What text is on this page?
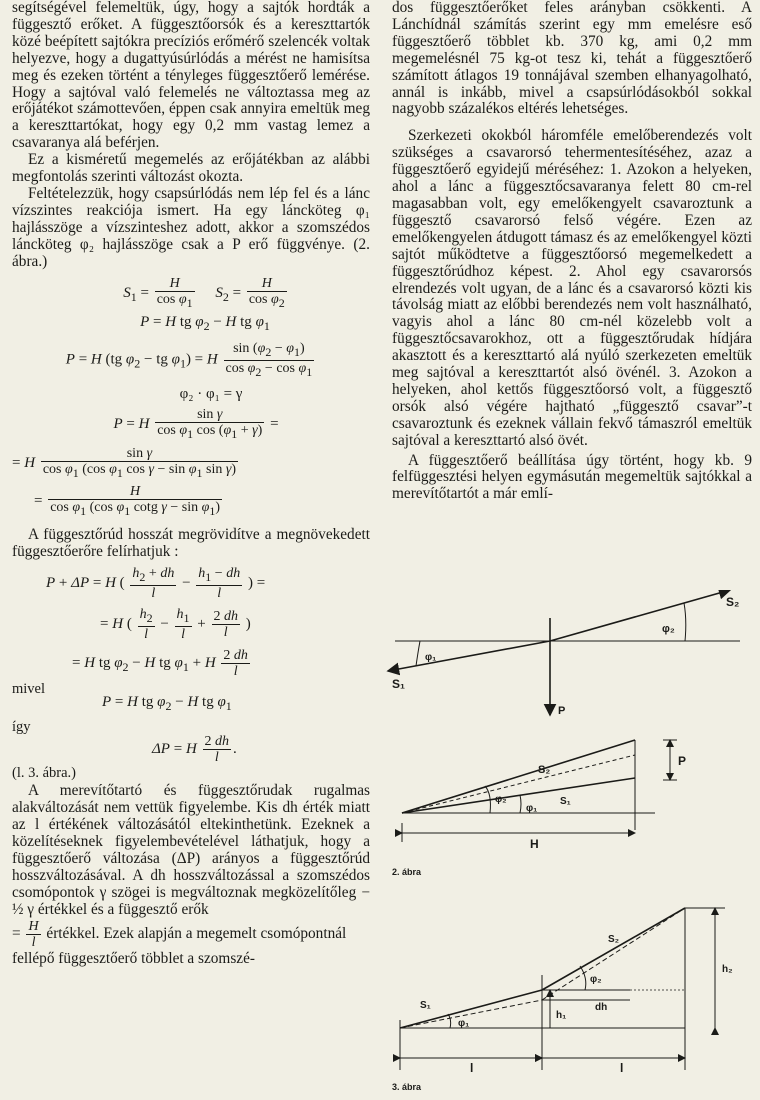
segítségével felemeltük, úgy, hogy a sajtók hordták a függesztő erőket. A függesztőorsók és a kereszttartók közé beépített sajtókra precíziós erőmérő szelencék voltak helyezve, hogy a dugattyúsúrlódás a mérést ne hamisítsa meg és ezeken történt a tényleges függesztőerő lemérése. Hogy a sajtóval való felemelés ne változtassa meg az erőjátékot számottevően, éppen csak annyira emeltük meg a kereszttartókat, hogy egy 0,2 mm vastag lemez a csavaranya alá beférjen.

Ez a kisméretű megemelés az erőjátékban az alábbi megfontolás szerinti változást okozta.

Feltételezzük, hogy csapsúrlódás nem lép fel és a lánc vízszintes reakciója ismert. Ha egy láncköteg φ₁ hajlásszöge a vízszinteshez adott, akkor a szomszédos láncköteg φ₂ hajlásszöge csak a P erő függvénye. (2. ábra.)

$S_1 = \frac{H}{\cos \varphi_1} S_2 = \frac{H}{\cos \varphi_2}$
P = H tg $\varphi_2 - H$ tg $\varphi_1$
P = H (tg $\varphi_2$ − tg $\varphi_1) = H \frac{\sin (\varphi_2 - \varphi_1)}{\cos \varphi_2 - \cos \varphi_1}$
φ₂ · φ₁ = γ
P = H $\frac{\text{sin γ}}{\cos \varphi_1 \cos (\varphi_1 + \gamma)}$ =
= H $\frac{\text{sin γ}}{\cos \varphi_1 (\cos \varphi_1 \cos \gamma - \sin \varphi_1 \sin \gamma)}$
= $\frac{H}{\cos \varphi_1 (\cos \varphi_1 \cot g \gamma - \sin \varphi_1)}$

A függesztőrúd hosszát megrövidítve a megnövekedett függesztőerőre felírhatjuk :

P + ΔP = H ( $\frac{h_2 + dh}{l} - \frac{h_1 - dh}{l}$ ) =
= H ( $\frac{h_2}{l} - \frac{h_1}{l} + \frac{2 dh}{l}$ )
= H tg $\varphi_2 - H$ tg $\varphi_1 + H \frac{2 dh}{l}$

mivel

P = H tg $\varphi_2 - H$ tg $\varphi_1$

így

ΔP = H $\frac{2 dh}{l}$ .

(l. 3. ábra.)

A merevítőtartó és függesztőrudak rugalmas alakváltozását nem vettük figyelembe. Kis dh érték miatt az l értékének változásától eltekinthetünk. Ezeknek a közelítéseknek figyelembevételével láthatjuk, hogy a függesztőerő változása (ΔP) arányos a függesztőrúd hosszváltozásával. A dh hosszváltozással a szomszédos csomópontok γ szögei is megváltoznak megközelítőleg − ½ γ értékkel és a függesztő erők

= $\frac{H}{l}$ értékkel. Ezek alapján a megemelt csomópontnál fellépő függesztőerő többlet a szomszé-

dos függesztőerőket feles arányban csökkenti. A Lánchídnál számítás szerint egy mm emelésre eső függesztőerő többlet kb. 370 kg, ami 0,2 mm megemelésnél 75 kg-ot tesz ki, tehát a függesztőerő számított átlagos 19 tonnájával szemben elhanyagolható, annál is inkább, mivel a csapsúrlódásokból sokkal nagyobb százalékos eltérés lehetséges.

Szerkezeti okokból háromféle emelőberendezés volt szükséges a csavarorsó tehermentesítéséhez, azaz a függesztőerő egyidejű méréséhez: 1. Azokon a helyeken, ahol a lánc a függesztőcsavaranya felett 80 cm-rel magasabban volt, egy emelőkengyelt csavaroztunk a függesztő csavarorsó felső végére. Ezen az emelőkengyelen átdugott támasz és az emelőkengyel közti sajtót működtetve a függesztőorsó megemelkedett a függesztőrúdhoz képest. 2. Ahol egy csavarorsós elrendezés volt ugyan, de a lánc és a csavarorsó közti kis távolság miatt az előbbi berendezés nem volt használható, vagyis ahol a lánc 80 cm-nél közelebb volt a függesztőcsavarokhoz, ott a függesztőrudak hídjára akasztott és a kereszttartó alá nyúló szerkezeten emeltük meg sajtóval a kereszttartót alsó övénél. 3. Azokon a helyeken, ahol kettős függesztőorsó volt, a függesztő orsók alsó végére hajtható „függesztő csavar”-t csavaroztunk és ezeknek vállain fekvő támaszról emeltük sajtóval a kereszttartó alsó övét.

A függesztőerő beállítása úgy történt, hogy kb. 9 felfüggesztési helyen egymásután megemeltük sajtókkal a merevítőtartót a már emlí-

S₁
S₂
φ₁
φ₂
P
S₂
S₁
φ₂
φ₁
P
H
2. ábra
S₁
S₂
φ₁
φ₂
h₁
h₂
dh
l	l
3. ábra
